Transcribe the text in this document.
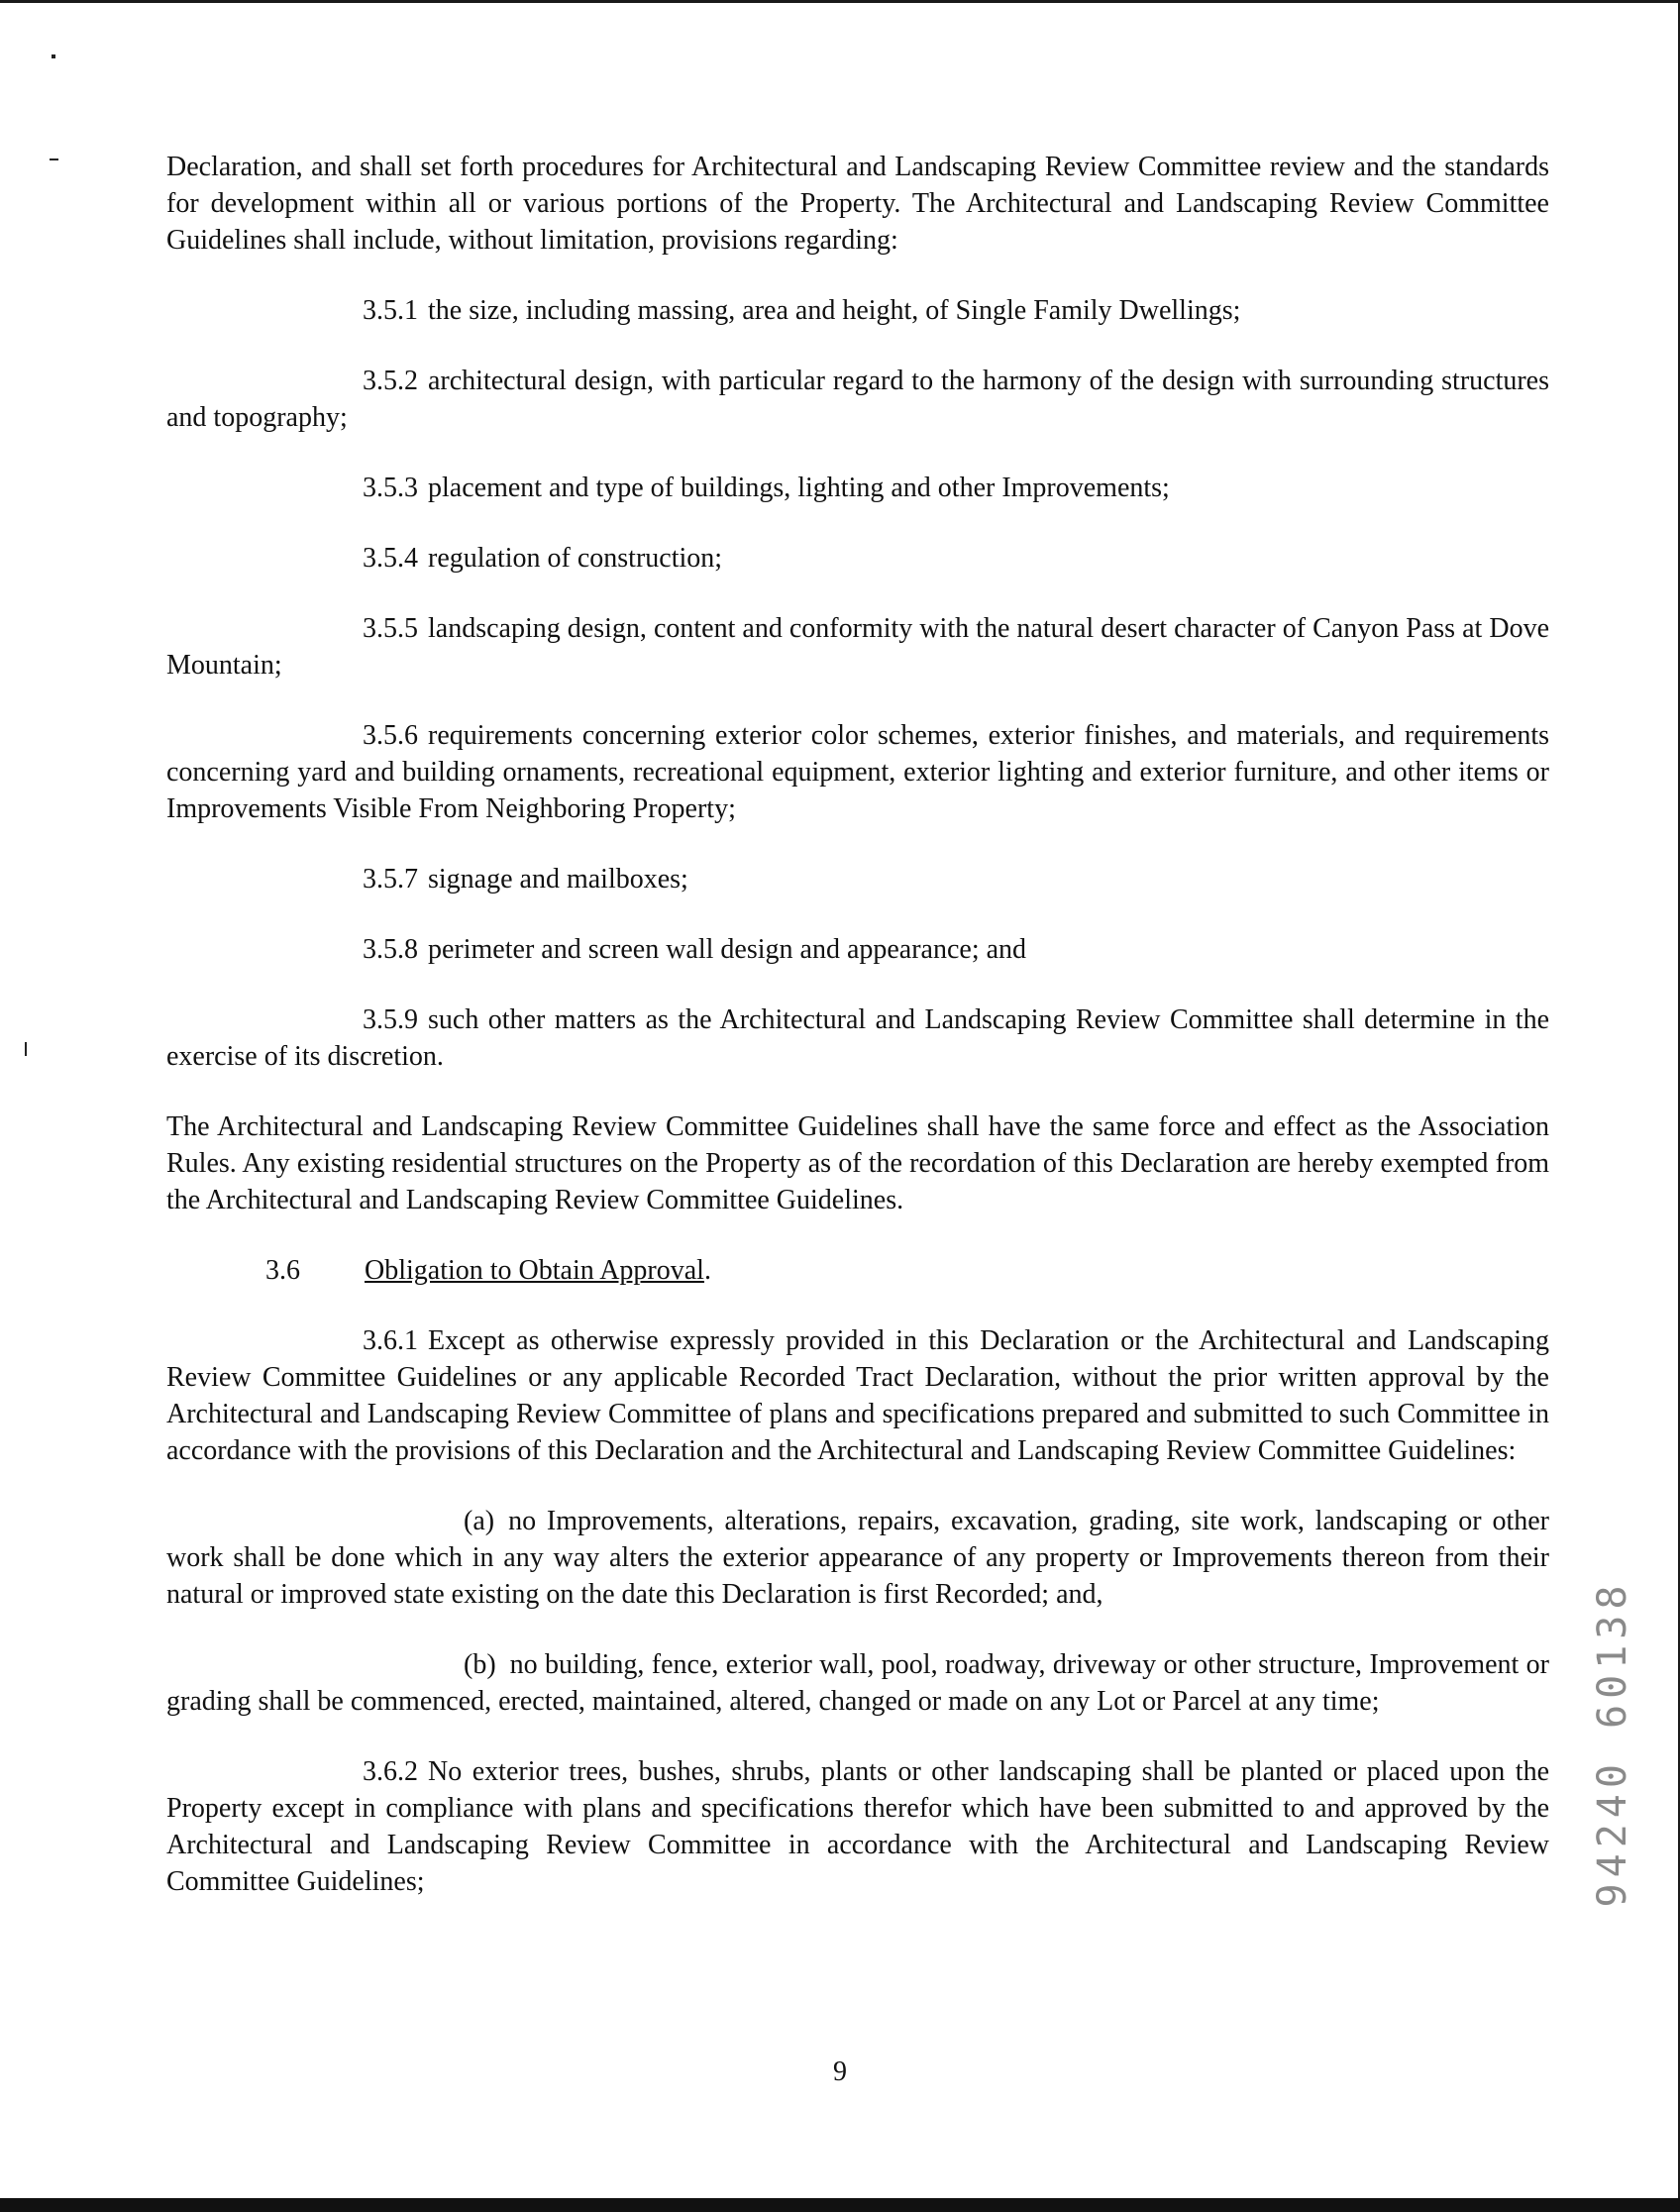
Declaration, and shall set forth procedures for Architectural and Landscaping Review Committee review and the standards for development within all or various portions of the Property. The Architectural and Landscaping Review Committee Guidelines shall include, without limitation, provisions regarding:

3.5.1 the size, including massing, area and height, of Single Family Dwellings;

3.5.2 architectural design, with particular regard to the harmony of the design with surrounding structures and topography;

3.5.3 placement and type of buildings, lighting and other Improvements;

3.5.4 regulation of construction;

3.5.5 landscaping design, content and conformity with the natural desert character of Canyon Pass at Dove Mountain;

3.5.6 requirements concerning exterior color schemes, exterior finishes, and materials, and requirements concerning yard and building ornaments, recreational equipment, exterior lighting and exterior furniture, and other items or Improvements Visible From Neighboring Property;

3.5.7 signage and mailboxes;

3.5.8 perimeter and screen wall design and appearance; and

3.5.9 such other matters as the Architectural and Landscaping Review Committee shall determine in the exercise of its discretion.

The Architectural and Landscaping Review Committee Guidelines shall have the same force and effect as the Association Rules. Any existing residential structures on the Property as of the recordation of this Declaration are hereby exempted from the Architectural and Landscaping Review Committee Guidelines.

3.6 Obligation to Obtain Approval.

3.6.1 Except as otherwise expressly provided in this Declaration or the Architectural and Landscaping Review Committee Guidelines or any applicable Recorded Tract Declaration, without the prior written approval by the Architectural and Landscaping Review Committee of plans and specifications prepared and submitted to such Committee in accordance with the provisions of this Declaration and the Architectural and Landscaping Review Committee Guidelines:

(a) no Improvements, alterations, repairs, excavation, grading, site work, landscaping or other work shall be done which in any way alters the exterior appearance of any property or Improvements thereon from their natural or improved state existing on the date this Declaration is first Recorded; and,

(b) no building, fence, exterior wall, pool, roadway, driveway or other structure, Improvement or grading shall be commenced, erected, maintained, altered, changed or made on any Lot or Parcel at any time;

3.6.2 No exterior trees, bushes, shrubs, plants or other landscaping shall be planted or placed upon the Property except in compliance with plans and specifications therefor which have been submitted to and approved by the Architectural and Landscaping Review Committee in accordance with the Architectural and Landscaping Review Committee Guidelines;

9
94240 60138
